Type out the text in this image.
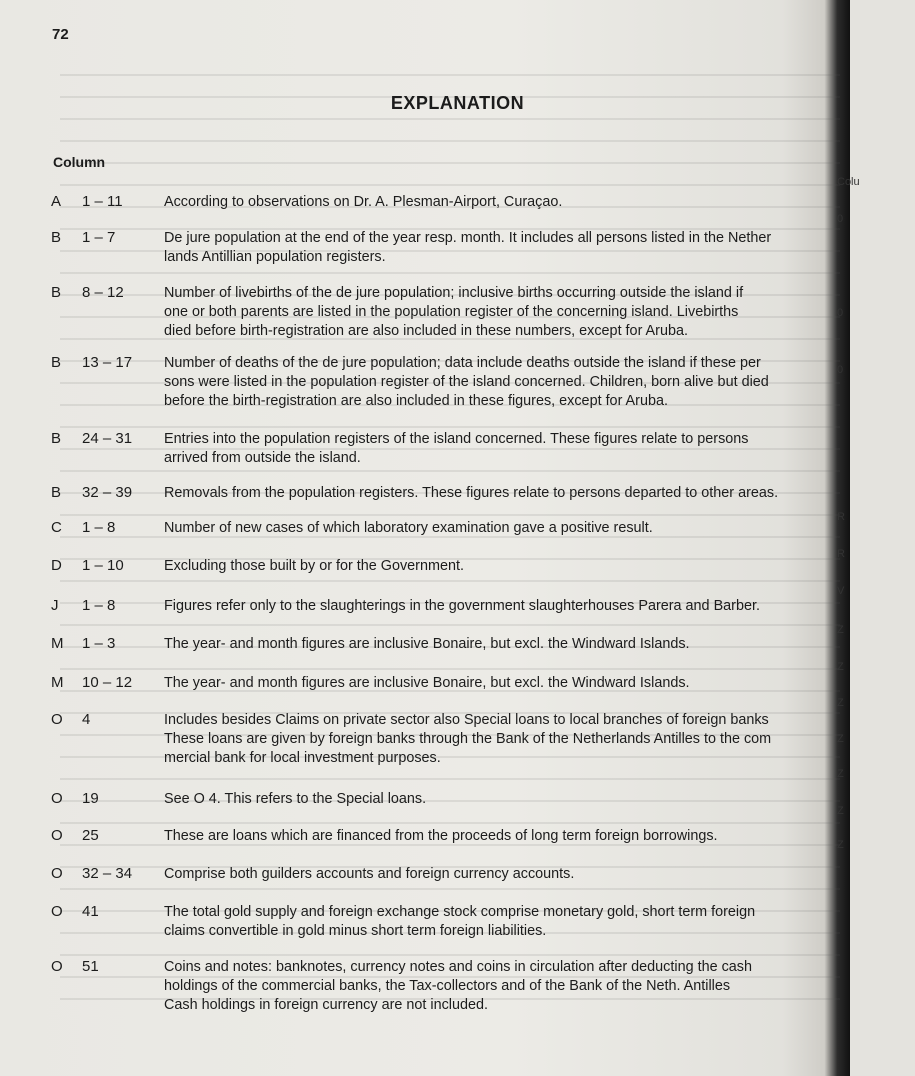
72
EXPLANATION
Column
A 1 – 11	According to observations on Dr. A. Plesman-Airport, Curaçao.
B 1 – 7	De jure population at the end of the year resp. month. It includes all persons listed in the Nether
lands Antillian population registers.
B 8 – 12	Number of livebirths of the de jure population; inclusive births occurring outside the island if
one or both parents are listed in the population register of the concerning island. Livebirths
died before birth-registration are also included in these numbers, except for Aruba.
B 13 – 17 Number of deaths of the de jure population; data include deaths outside the island if these per
sons were listed in the population register of the island concerned. Children, born alive but died
before the birth-registration are also included in these figures, except for Aruba.
B 24 – 31 Entries into the population registers of the island concerned. These figures relate to persons
arrived from outside the island.
B 32 – 39 Removals from the population registers. These figures relate to persons departed to other areas.
C 1 – 8	Number of new cases of which laboratory examination gave a positive result.
D 1 – 10	Excluding those built by or for the Government.
J 1 – 8	Figures refer only to the slaughterings in the government slaughterhouses Parera and Barber.
M 1 – 3	The year- and month figures are inclusive Bonaire, but excl. the Windward Islands.
M 10 – 12 The year- and month figures are inclusive Bonaire, but excl. the Windward Islands.
O 4	Includes besides Claims on private sector also Special loans to local branches of foreign banks
These loans are given by foreign banks through the Bank of the Netherlands Antilles to the com
mercial bank for local investment purposes.
O 19	See O 4. This refers to the Special loans.
O 25	These are loans which are financed from the proceeds of long term foreign borrowings.
O 32 – 34 Comprise both guilders accounts and foreign currency accounts.
O 41	The total gold supply and foreign exchange stock comprise monetary gold, short term foreign
claims convertible in gold minus short term foreign liabilities.
O 51	Coins and notes: banknotes, currency notes and coins in circulation after deducting the cash
holdings of the commercial banks, the Tax-collectors and of the Bank of the Neth. Antilles
Cash holdings in foreign currency are not included.
Colu
0
0
0
R
R
V
Z
Z
Z
Z
Z
Z
Z
